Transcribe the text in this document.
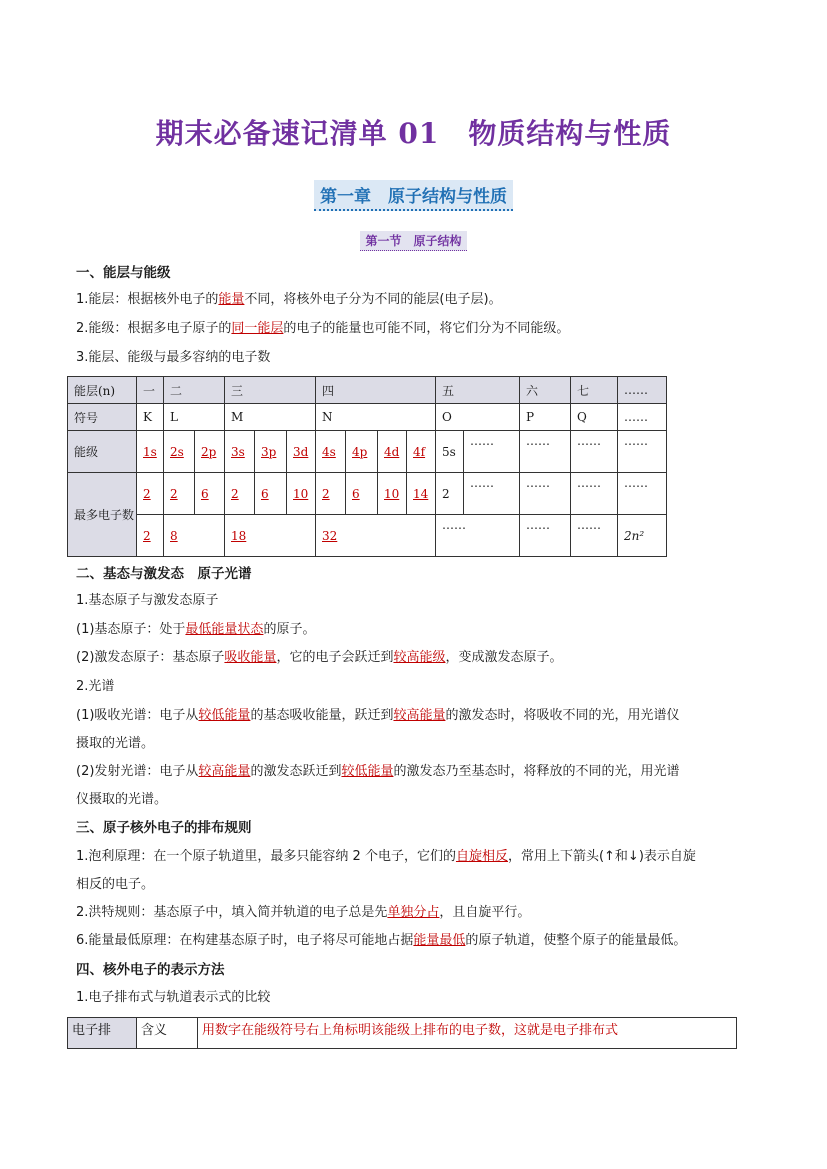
期末必备速记清单 01　物质结构与性质
第一章　原子结构与性质
第一节　原子结构
一、能层与能级
1.能层：根据核外电子的能量不同，将核外电子分为不同的能层(电子层)。
2.能级：根据多电子原子的同一能层的电子的能量也可能不同，将它们分为不同能级。
3.能层、能级与最多容纳的电子数
能层(n)	一	二		三			四				五		六	七	……
符号	K	L		M			N				O		P	Q	……
能级	1s	2s	2p	3s	3p	3d	4s	4p	4d	4f	5s	……	……	……	……
最多电子数	2	2	6	2	6	10	2	6	10	14	2	……	……	……	……
	2	8		18			32				……		……	……	2n²
二、基态与激发态　原子光谱
1.基态原子与激发态原子
(1)基态原子：处于最低能量状态的原子。
(2)激发态原子：基态原子吸收能量，它的电子会跃迁到较高能级，变成激发态原子。
2.光谱
(1)吸收光谱：电子从较低能量的基态吸收能量，跃迁到较高能量的激发态时，将吸收不同的光，用光谱仪
摄取的光谱。
(2)发射光谱：电子从较高能量的激发态跃迁到较低能量的激发态乃至基态时，将释放的不同的光，用光谱
仪摄取的光谱。
三、原子核外电子的排布规则
1.泡利原理：在一个原子轨道里，最多只能容纳 2 个电子，它们的自旋相反，常用上下箭头(↑和↓)表示自旋
相反的电子。
2.洪特规则：基态原子中，填入简并轨道的电子总是先单独分占，且自旋平行。
6.能量最低原理：在构建基态原子时，电子将尽可能地占据能量最低的原子轨道，使整个原子的能量最低。
四、核外电子的表示方法
1.电子排布式与轨道表示式的比较
电子排	含义	用数字在能级符号右上角标明该能级上排布的电子数，这就是电子排布式
